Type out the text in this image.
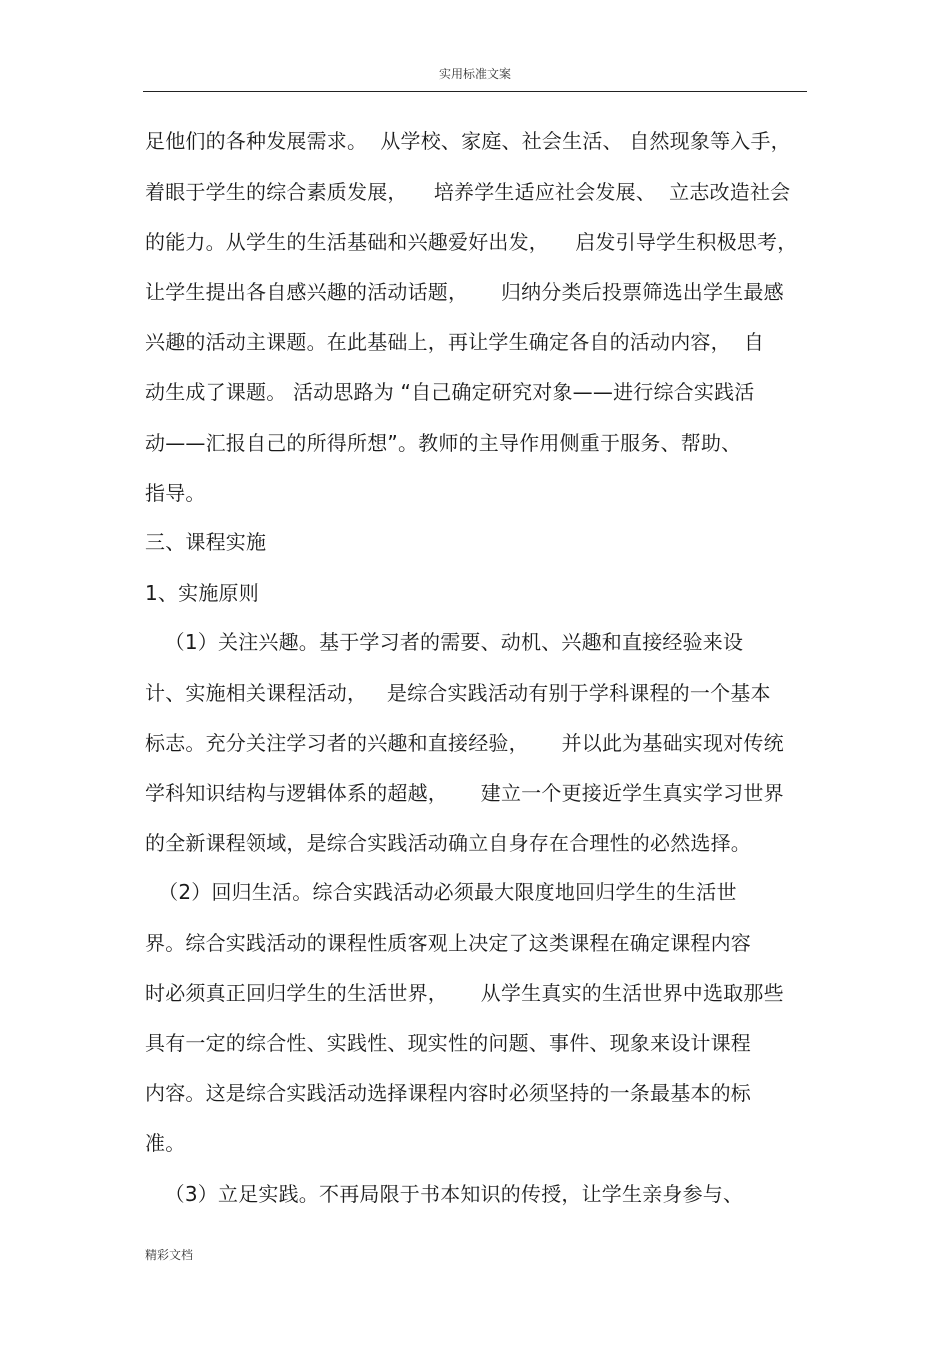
实用标准文案
足他们的各种发展需求。  从学校、家庭、社会生活、 自然现象等入手，
着眼于学生的综合素质发展，    培养学生适应社会发展、  立志改造社会
的能力。从学生的生活基础和兴趣爱好出发，    启发引导学生积极思考，
让学生提出各自感兴趣的活动话题，     归纳分类后投票筛选出学生最感
兴趣的活动主课题。在此基础上，再让学生确定各自的活动内容，  自
动生成了课题。 活动思路为 “自己确定研究对象——进行综合实践活
动——汇报自己的所得所想”。教师的主导作用侧重于服务、帮助、
指导。
三、课程实施
1、实施原则
（1）关注兴趣。基于学习者的需要、动机、兴趣和直接经验来设
计、实施相关课程活动，   是综合实践活动有别于学科课程的一个基本
标志。充分关注学习者的兴趣和直接经验，     并以此为基础实现对传统
学科知识结构与逻辑体系的超越，     建立一个更接近学生真实学习世界
的全新课程领域，是综合实践活动确立自身存在合理性的必然选择。
（2）回归生活。综合实践活动必须最大限度地回归学生的生活世
界。综合实践活动的课程性质客观上决定了这类课程在确定课程内容
时必须真正回归学生的生活世界，     从学生真实的生活世界中选取那些
具有一定的综合性、实践性、现实性的问题、事件、现象来设计课程
内容。这是综合实践活动选择课程内容时必须坚持的一条最基本的标
准。
（3）立足实践。不再局限于书本知识的传授，让学生亲身参与、
精彩文档
